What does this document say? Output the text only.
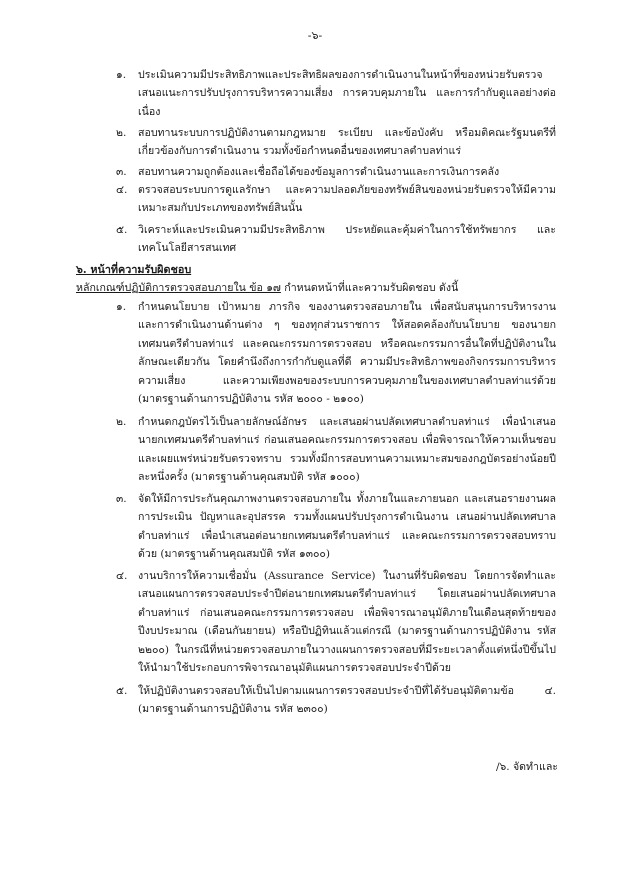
-๖-
๑. ประเมินความมีประสิทธิภาพและประสิทธิผลของการดำเนินงานในหน้าที่ของหน่วยรับตรวจ เสนอแนะการปรับปรุงการบริหารความเสี่ยง การควบคุมภายใน และการกำกับดูแลอย่างต่อเนื่อง
๒. สอบทานระบบการปฏิบัติงานตามกฎหมาย ระเบียบ และข้อบังคับ หรือมติคณะรัฐมนตรีที่เกี่ยวข้องกับการดำเนินงาน รวมทั้งข้อกำหนดอื่นของเทศบาลตำบลท่าแร่
๓. สอบทานความถูกต้องและเชื่อถือได้ของข้อมูลการดำเนินงานและการเงินการคลัง
๔. ตรวจสอบระบบการดูแลรักษา และความปลอดภัยของทรัพย์สินของหน่วยรับตรวจให้มีความเหมาะสมกับประเภทของทรัพย์สินนั้น
๕. วิเคราะห์และประเมินความมีประสิทธิภาพ ประหยัดและคุ้มค่าในการใช้ทรัพยากร และเทคโนโลยีสารสนเทศ
๖. หน้าที่ความรับผิดชอบ
หลักเกณฑ์ปฏิบัติการตรวจสอบภายใน ข้อ ๑๗ กำหนดหน้าที่และความรับผิดชอบ ดังนี้
๑. กำหนดนโยบาย เป้าหมาย ภารกิจ ของงานตรวจสอบภายใน เพื่อสนับสนุนการบริหารงาน และการดำเนินงานด้านต่าง ๆ ของทุกส่วนราชการ ให้สอดคล้องกับนโยบาย ของนายกเทศมนตรีตำบลท่าแร่ และคณะกรรมการตรวจสอบ หรือคณะกรรมการอื่นใดที่ปฏิบัติงานในลักษณะเดียวกัน โดยคำนึงถึงการกำกับดูแลที่ดี ความมีประสิทธิภาพของกิจกรรมการบริหารความเสี่ยง และความเพียงพอของระบบการควบคุมภายในของเทศบาลตำบลท่าแร่ด้วย (มาตรฐานด้านการปฏิบัติงาน รหัส ๒๐๐๐ - ๒๑๐๐)
๒. กำหนดกฎบัตรไว้เป็นลายลักษณ์อักษร และเสนอผ่านปลัดเทศบาลตำบลท่าแร่ เพื่อนำเสนอนายกเทศมนตรีตำบลท่าแร่ ก่อนเสนอคณะกรรมการตรวจสอบ เพื่อพิจารณาให้ความเห็นชอบ และเผยแพร่หน่วยรับตรวจทราบ รวมทั้งมีการสอบทานความเหมาะสมของกฎบัตรอย่างน้อยปีละหนึ่งครั้ง (มาตรฐานด้านคุณสมบัติ รหัส ๑๐๐๐)
๓. จัดให้มีการประกันคุณภาพงานตรวจสอบภายใน ทั้งภายในและภายนอก และเสนอรายงานผลการประเมิน ปัญหาและอุปสรรค รวมทั้งแผนปรับปรุงการดำเนินงาน เสนอผ่านปลัดเทศบาลตำบลท่าแร่ เพื่อนำเสนอต่อนายกเทศมนตรีตำบลท่าแร่ และคณะกรรมการตรวจสอบทราบด้วย (มาตรฐานด้านคุณสมบัติ รหัส ๑๓๐๐)
๔. งานบริการให้ความเชื่อมั่น (Assurance Service) ในงานที่รับผิดชอบ โดยการจัดทำและเสนอแผนการตรวจสอบประจำปีต่อนายกเทศมนตรีตำบลท่าแร่ โดยเสนอผ่านปลัดเทศบาล ตำบลท่าแร่ ก่อนเสนอคณะกรรมการตรวจสอบ เพื่อพิจารณาอนุมัติภายในเดือนสุดท้ายของปีงบประมาณ (เดือนกันยายน) หรือปีปฏิทินแล้วแต่กรณี (มาตรฐานด้านการปฏิบัติงาน รหัส ๒๒๐๐) ในกรณีที่หน่วยตรวจสอบภายในวางแผนการตรวจสอบที่มีระยะเวลาตั้งแต่หนึ่งปีขึ้นไป ให้นำมาใช้ประกอบการพิจารณาอนุมัติแผนการตรวจสอบประจำปีด้วย
๕. ให้ปฏิบัติงานตรวจสอบให้เป็นไปตามแผนการตรวจสอบประจำปีที่ได้รับอนุมัติตามข้อ ๔. (มาตรฐานด้านการปฏิบัติงาน รหัส ๒๓๐๐)
/๖. จัดทำและ
